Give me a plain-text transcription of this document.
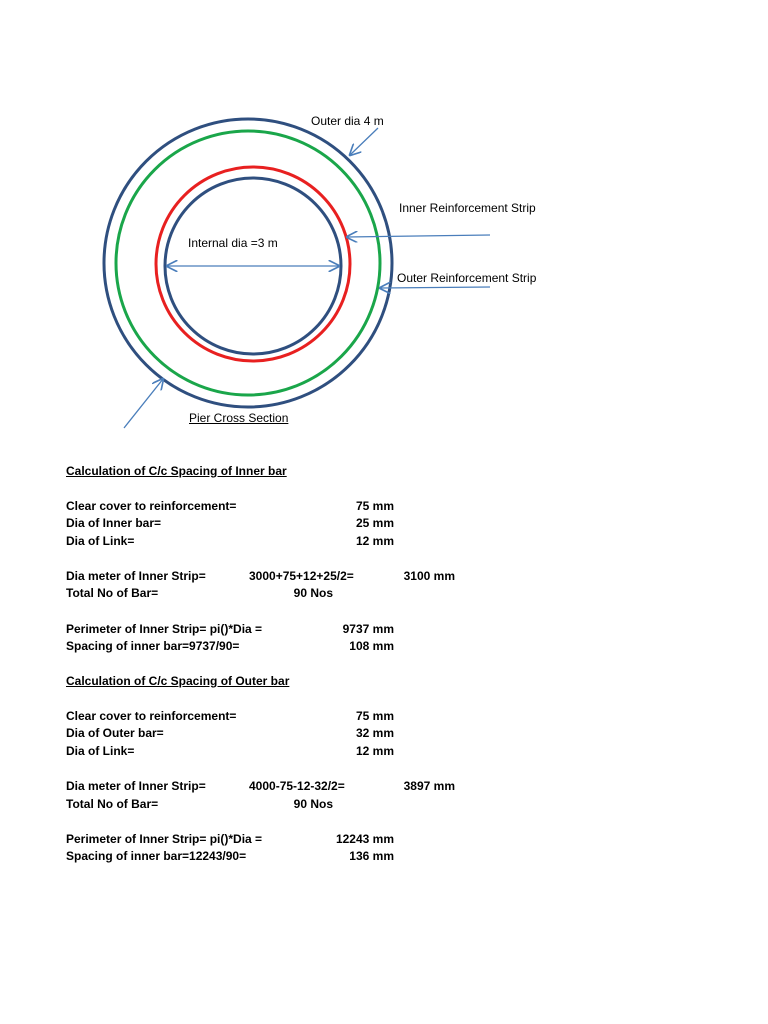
Outer dia 4 m
Inner Reinforcement Strip
Internal dia =3 m
Outer Reinforcement Strip
Pier Cross Section
Calculation of C/c Spacing of Inner bar
Clear cover to reinforcement=	75 mm
Dia of Inner bar=	25 mm
Dia of Link=	12 mm
Dia meter of Inner Strip=	3000+75+12+25/2=	3100 mm
Total No of Bar=	90 Nos
Perimeter of Inner Strip= pi()*Dia =	9737 mm
Spacing of inner bar=9737/90=	108 mm
Calculation of C/c Spacing of Outer bar
Clear cover to reinforcement=	75 mm
Dia of Outer bar=	32 mm
Dia of Link=	12 mm
Dia meter of Inner Strip=	4000-75-12-32/2=	3897 mm
Total No of Bar=	90 Nos
Perimeter of Inner Strip= pi()*Dia =	12243 mm
Spacing of inner bar=12243/90=	136 mm
